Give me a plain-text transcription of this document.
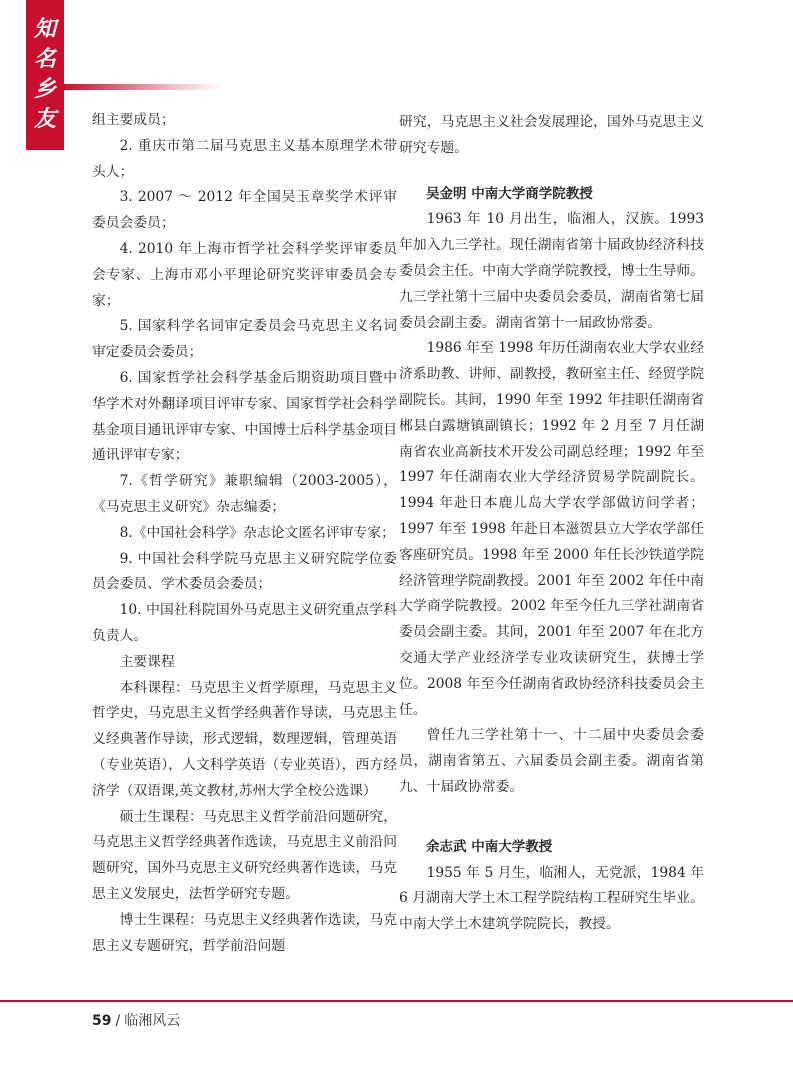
知
名
乡
友	组主要成员；

2. 重庆市第二届马克思主义基本原理学术带头人；

3. 2007 ～ 2012 年全国吴玉章奖学术评审委员会委员；

4. 2010 年上海市哲学社会科学奖评审委员会专家、上海市邓小平理论研究奖评审委员会专家；

5. 国家科学名词审定委员会马克思主义名词审定委员会委员；

6. 国家哲学社会科学基金后期资助项目暨中华学术对外翻译项目评审专家、国家哲学社会科学基金项目通讯评审专家、中国博士后科学基金项目通讯评审专家；

7.《哲学研究》兼职编辑（2003-2005），《马克思主义研究》杂志编委；

8.《中国社会科学》杂志论文匿名评审专家；

9. 中国社会科学院马克思主义研究院学位委员会委员、学术委员会委员；

10. 中国社科院国外马克思主义研究重点学科负责人。

主要课程

本科课程：马克思主义哲学原理，马克思主义哲学史，马克思主义哲学经典著作导读，马克思主义经典著作导读，形式逻辑，数理逻辑，管理英语（专业英语），人文科学英语（专业英语），西方经济学（双语课,英文教材,苏州大学全校公选课）

硕士生课程：马克思主义哲学前沿问题研究，马克思主义哲学经典著作选读，马克思主义前沿问题研究，国外马克思主义研究经典著作选读，马克思主义发展史，法哲学研究专题。

博士生课程：马克思主义经典著作选读，马克思主义专题研究，哲学前沿问题

研究，马克思主义社会发展理论，国外马克思主义研究专题。

吴金明 中南大学商学院教授

1963 年 10 月出生，临湘人，汉族。1993 年加入九三学社。现任湖南省第十届政协经济科技委员会主任。中南大学商学院教授，博士生导师。九三学社第十三届中央委员会委员，湖南省第七届委员会副主委。湖南省第十一届政协常委。

1986 年至 1998 年历任湖南农业大学农业经济系助教、讲师、副教授，教研室主任、经贸学院副院长。其间，1990 年至 1992 年挂职任湖南省郴县白露塘镇副镇长；1992 年 2 月至 7 月任湖南省农业高新技术开发公司副总经理；1992 年至 1997 年任湖南农业大学经济贸易学院副院长。1994 年赴日本鹿儿岛大学农学部做访问学者；1997 年至 1998 年赴日本滋贺县立大学农学部任客座研究员。1998 年至 2000 年任长沙铁道学院经济管理学院副教授。2001 年至 2002 年任中南大学商学院教授。2002 年至今任九三学社湖南省委员会副主委。其间，2001 年至 2007 年在北方交通大学产业经济学专业攻读研究生，获博士学位。2008 年至今任湖南省政协经济科技委员会主任。

曾任九三学社第十一、十二届中央委员会委员，湖南省第五、六届委员会副主委。湖南省第九、十届政协常委。

余志武 中南大学教授

1955 年 5 月生，临湘人，无党派，1984 年 6 月湖南大学土木工程学院结构工程研究生毕业。中南大学土木建筑学院院长，教授。

59 / 临湘风云
